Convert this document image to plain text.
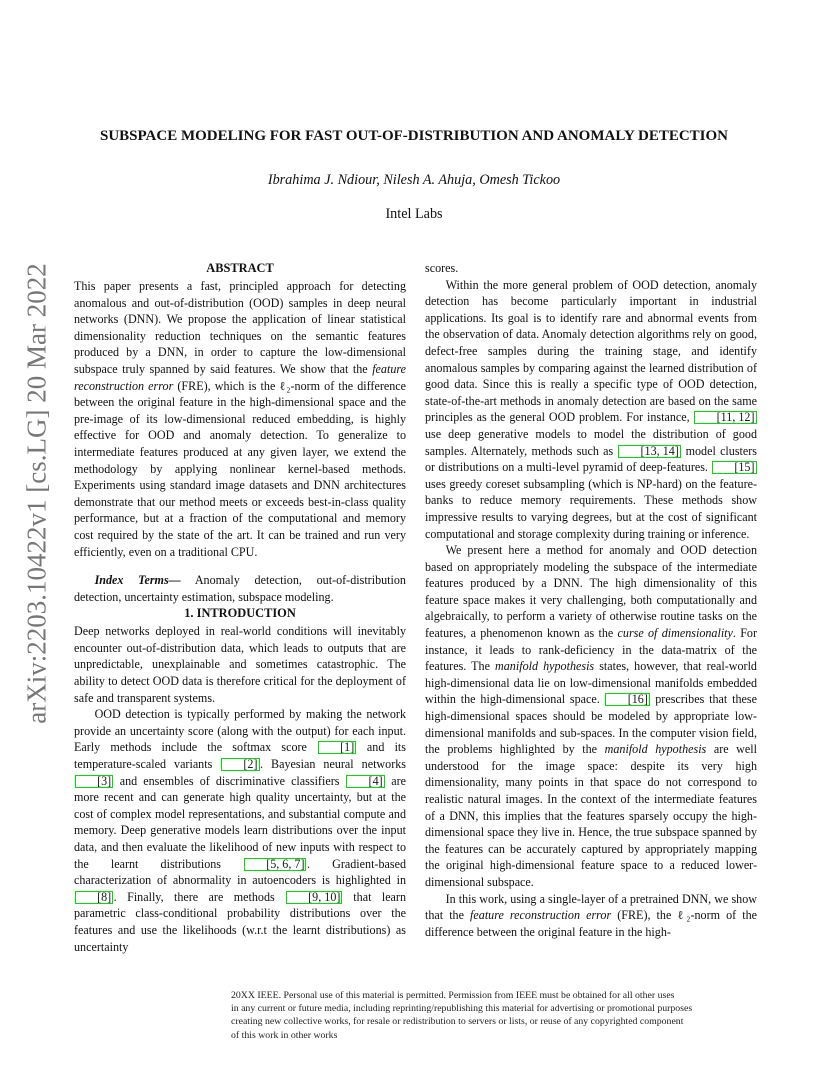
arXiv:2203.10422v1 [cs.LG] 20 Mar 2022
SUBSPACE MODELING FOR FAST OUT-OF-DISTRIBUTION AND ANOMALY DETECTION
Ibrahima J. Ndiour, Nilesh A. Ahuja, Omesh Tickoo
Intel Labs

ABSTRACT

This paper presents a fast, principled approach for detecting anomalous and out-of-distribution (OOD) samples in deep neural networks (DNN). We propose the application of linear statistical dimensionality reduction techniques on the semantic features produced by a DNN, in order to capture the low-dimensional subspace truly spanned by said features. We show that the feature reconstruction error (FRE), which is the ℓ₂-norm of the difference between the original feature in the high-dimensional space and the pre-image of its low-dimensional reduced embedding, is highly effective for OOD and anomaly detection. To generalize to intermediate features produced at any given layer, we extend the methodology by applying nonlinear kernel-based methods. Experiments using standard image datasets and DNN architectures demonstrate that our method meets or exceeds best-in-class quality performance, but at a fraction of the computational and memory cost required by the state of the art. It can be trained and run very efficiently, even on a traditional CPU.

Index Terms— Anomaly detection, out-of-distribution detection, uncertainty estimation, subspace modeling.

1. INTRODUCTION

Deep networks deployed in real-world conditions will inevitably encounter out-of-distribution data, which leads to outputs that are unpredictable, unexplainable and sometimes catastrophic. The ability to detect OOD data is therefore critical for the deployment of safe and transparent systems.

OOD detection is typically performed by making the network provide an uncertainty score (along with the output) for each input. Early methods include the softmax score [1] and its temperature-scaled variants [2] . Bayesian neural networks [3] and ensembles of discriminative classifiers [4] are more recent and can generate high quality uncertainty, but at the cost of complex model representations, and substantial compute and memory. Deep generative models learn distributions over the input data, and then evaluate the likelihood of new inputs with respect to the learnt distributions [5, 6, 7] . Gradient-based characterization of abnormality in autoencoders is highlighted in [8] . Finally, there are methods [9, 10] that learn parametric class-conditional probability distributions over the features and use the likelihoods (w.r.t the learnt distributions) as uncertainty

scores.

Within the more general problem of OOD detection, anomaly detection has become particularly important in industrial applications. Its goal is to identify rare and abnormal events from the observation of data. Anomaly detection algorithms rely on good, defect-free samples during the training stage, and identify anomalous samples by comparing against the learned distribution of good data. Since this is really a specific type of OOD detection, state-of-the-art methods in anomaly detection are based on the same principles as the general OOD problem. For instance, [11, 12] use deep generative models to model the distribution of good samples. Alternately, methods such as [13, 14] model clusters or distributions on a multi-level pyramid of deep-features. [15] uses greedy coreset subsampling (which is NP-hard) on the feature-banks to reduce memory requirements. These methods show impressive results to varying degrees, but at the cost of significant computational and storage complexity during training or inference.

We present here a method for anomaly and OOD detection based on appropriately modeling the subspace of the intermediate features produced by a DNN. The high dimensionality of this feature space makes it very challenging, both computationally and algebraically, to perform a variety of otherwise routine tasks on the features, a phenomenon known as the curse of dimensionality. For instance, it leads to rank-deficiency in the data-matrix of the features. The manifold hypothesis states, however, that real-world high-dimensional data lie on low-dimensional manifolds embedded within the high-dimensional space. [16] prescribes that these high-dimensional spaces should be modeled by appropriate low-dimensional manifolds and sub-spaces. In the computer vision field, the problems highlighted by the manifold hypothesis are well understood for the image space: despite its very high dimensionality, many points in that space do not correspond to realistic natural images. In the context of the intermediate features of a DNN, this implies that the features sparsely occupy the high-dimensional space they live in. Hence, the true subspace spanned by the features can be accurately captured by appropriately mapping the original high-dimensional feature space to a reduced lower-dimensional subspace.

In this work, using a single-layer of a pretrained DNN, we show that the feature reconstruction error (FRE), the ℓ₂-norm of the difference between the original feature in the high-

20XX IEEE. Personal use of this material is permitted. Permission from IEEE must be obtained for all other uses
in any current or future media, including reprinting/republishing this material for advertising or promotional purposes
creating new collective works, for resale or redistribution to servers or lists, or reuse of any copyrighted component
of this work in other works
